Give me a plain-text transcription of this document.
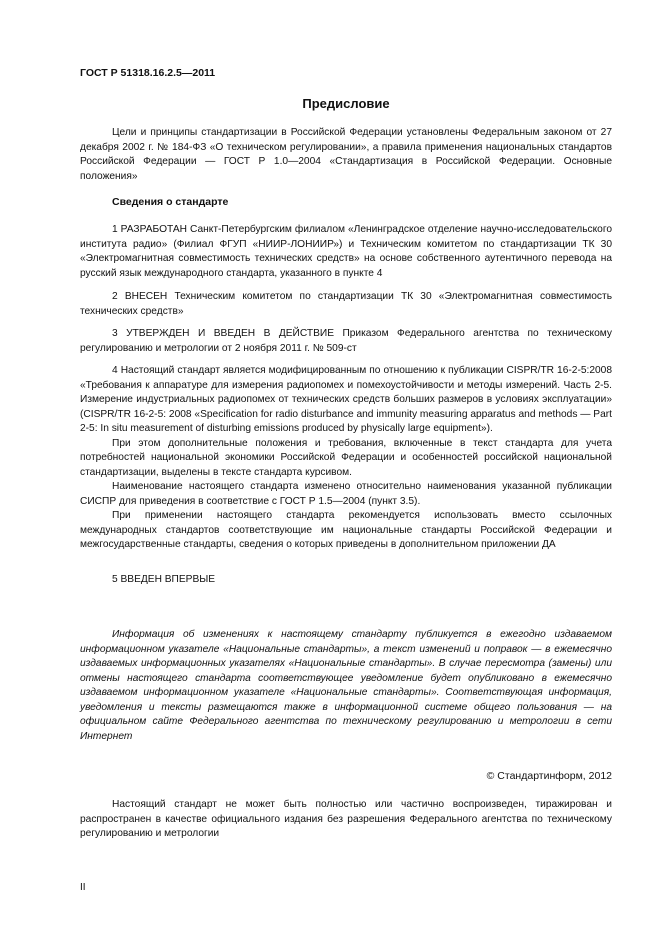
ГОСТ Р 51318.16.2.5—2011
Предисловие

Цели и принципы стандартизации в Российской Федерации установлены Федеральным законом от 27 декабря 2002 г. № 184-ФЗ «О техническом регулировании», а правила применения национальных стандартов Российской Федерации — ГОСТ Р 1.0—2004 «Стандартизация в Российской Федерации. Основные положения»

Сведения о стандарте

1 РАЗРАБОТАН Санкт-Петербургским филиалом «Ленинградское отделение научно-исследовательского института радио» (Филиал ФГУП «НИИР-ЛОНИИР») и Техническим комитетом по стандартизации ТК 30 «Электромагнитная совместимость технических средств» на основе собственного аутентичного перевода на русский язык международного стандарта, указанного в пункте 4

2 ВНЕСЕН Техническим комитетом по стандартизации ТК 30 «Электромагнитная совместимость технических средств»

3 УТВЕРЖДЕН И ВВЕДЕН В ДЕЙСТВИЕ Приказом Федерального агентства по техническому регулированию и метрологии от 2 ноября 2011 г. № 509-ст

4 Настоящий стандарт является модифицированным по отношению к публикации CISPR/TR 16-2-5:2008 «Требования к аппаратуре для измерения радиопомех и помехоустойчивости и методы измерений. Часть 2-5. Измерение индустриальных радиопомех от технических средств больших размеров в условиях эксплуатации» (CISPR/TR 16-2-5: 2008 «Specification for radio disturbance and immunity measuring apparatus and methods — Part 2-5: In situ measurement of disturbing emissions produced by physically large equipment»).

При этом дополнительные положения и требования, включенные в текст стандарта для учета потребностей национальной экономики Российской Федерации и особенностей российской национальной стандартизации, выделены в тексте стандарта курсивом.

Наименование настоящего стандарта изменено относительно наименования указанной публикации СИСПР для приведения в соответствие с ГОСТ Р 1.5—2004 (пункт 3.5).

При применении настоящего стандарта рекомендуется использовать вместо ссылочных международных стандартов соответствующие им национальные стандарты Российской Федерации и межгосударственные стандарты, сведения о которых приведены в дополнительном приложении ДА

5 ВВЕДЕН ВПЕРВЫЕ

Информация об изменениях к настоящему стандарту публикуется в ежегодно издаваемом информационном указателе «Национальные стандарты», а текст изменений и поправок — в ежемесячно издаваемых информационных указателях «Национальные стандарты». В случае пересмотра (замены) или отмены настоящего стандарта соответствующее уведомление будет опубликовано в ежемесячно издаваемом информационном указателе «Национальные стандарты». Соответствующая информация, уведомления и тексты размещаются также в информационной системе общего пользования — на официальном сайте Федерального агентства по техническому регулированию и метрологии в сети Интернет

© Стандартинформ, 2012

Настоящий стандарт не может быть полностью или частично воспроизведен, тиражирован и распространен в качестве официального издания без разрешения Федерального агентства по техническому регулированию и метрологии

II
